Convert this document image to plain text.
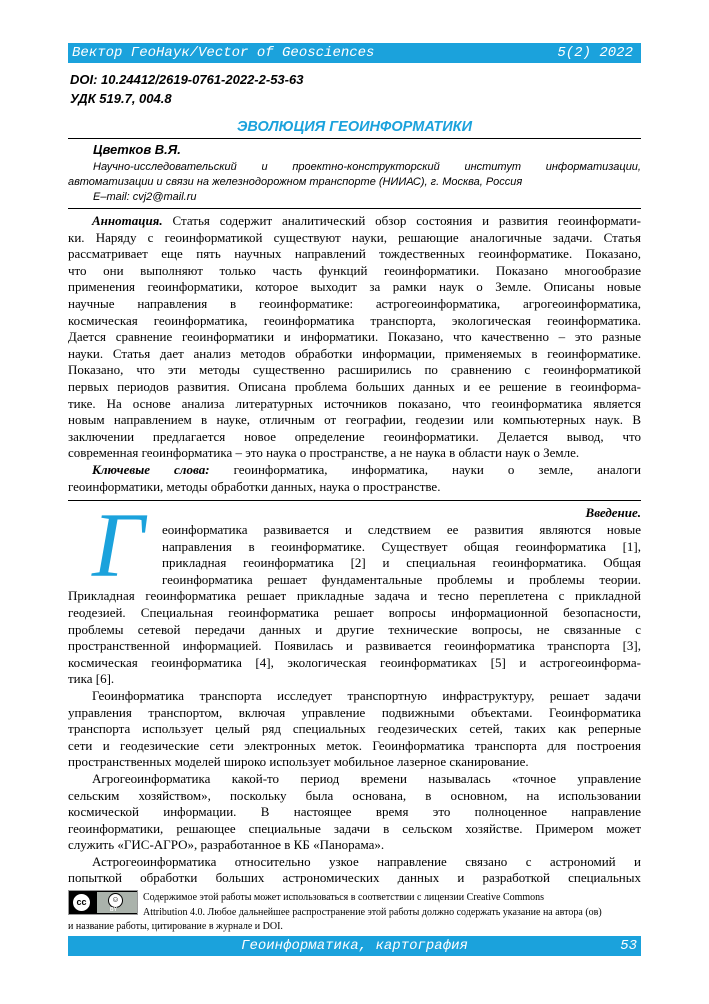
Вектор ГеоНаук/Vector of Geosciences	5(2) 2022
DOI: 10.24412/2619-0761-2022-2-53-63
УДК 519.7, 004.8
ЭВОЛЮЦИЯ ГЕОИНФОРМАТИКИ
Цветков В.Я.
Научно-исследовательский и проектно-конструкторский институт информатизации,
автоматизации и связи на железнодорожном транспорте (НИИАС), г. Москва, Россия
E–mail: cvj2@mail.ru
Аннотация. Статья содержит аналитический обзор состояния и развития геоинформати-
ки. Наряду с геоинформатикой существуют науки, решающие аналогичные задачи. Статья
рассматривает еще пять научных направлений тождественных геоинформатике. Показано,
что они выполняют только часть функций геоинформатики. Показано многообразие
применения геоинформатики, которое выходит за рамки наук о Земле. Описаны новые
научные направления в геоинформатике: астрогеоинформатика, агрогеоинформатика,
космическая геоинформатика, геоинформатика транспорта, экологическая геоинформатика.
Дается сравнение геоинформатики и информатики. Показано, что качественно – это разные
науки. Статья дает анализ методов обработки информации, применяемых в геоинформатике.
Показано, что эти методы существенно расширились по сравнению с геоинформатикой
первых периодов развития. Описана проблема больших данных и ее решение в геоинформа-
тике. На основе анализа литературных источников показано, что геоинформатика является
новым направлением в науке, отличным от географии, геодезии или компьютерных наук. В
заключении предлагается новое определение геоинформатики. Делается вывод, что
современная геоинформатика – это наука о пространстве, а не наука в области наук о Земле.
Ключевые слова: геоинформатика, информатика, науки о земле, аналоги
геоинформатики, методы обработки данных, наука о пространстве.
Введение.
Г	еоинформатика развивается и следствием ее развития являются новые
направления в геоинформатике. Существует общая геоинформатика [1],
прикладная геоинформатика [2] и специальная геоинформатика. Общая
геоинформатика решает фундаментальные проблемы и проблемы теории.
Прикладная геоинформатика решает прикладные задача и тесно переплетена с прикладной
геодезией. Специальная геоинформатика решает вопросы информационной безопасности,
проблемы сетевой передачи данных и другие технические вопросы, не связанные с
пространственной информацией. Появилась и развивается геоинформатика транспорта [3],
космическая геоинформатика [4], экологическая геоинформатиках [5] и астрогеоинформа-
тика [6].
Геоинформатика транспорта исследует транспортную инфраструктуру, решает задачи
управления транспортом, включая управление подвижными объектами. Геоинформатика
транспорта использует целый ряд специальных геодезических сетей, таких как реперные
сети и геодезические сети электронных меток. Геоинформатика транспорта для построения
пространственных моделей широко использует мобильное лазерное сканирование.
Агрогеоинформатика какой-то период времени называлась «точное управление
сельским хозяйством», поскольку была основана, в основном, на использовании
космической информации. В настоящее время это полноценное направление
геоинформатики, решающее специальные задачи в сельском хозяйстве. Примером может
служить «ГИС-АГРО», разработанное в КБ «Панорама».
Астрогеоинформатика относительно узкое направление связано с астрономий и
попыткой обработки больших астрономических данных и разработкой специальных
cc	☺
BY
Содержимое этой работы может использоваться в соответствии с лицензии Creative Commons
Attribution 4.0. Любое дальнейшее распространение этой работы должно содержать указание на автора (ов)
и название работы, цитирование в журнале и DOI.
Геоинформатика, картография	53
